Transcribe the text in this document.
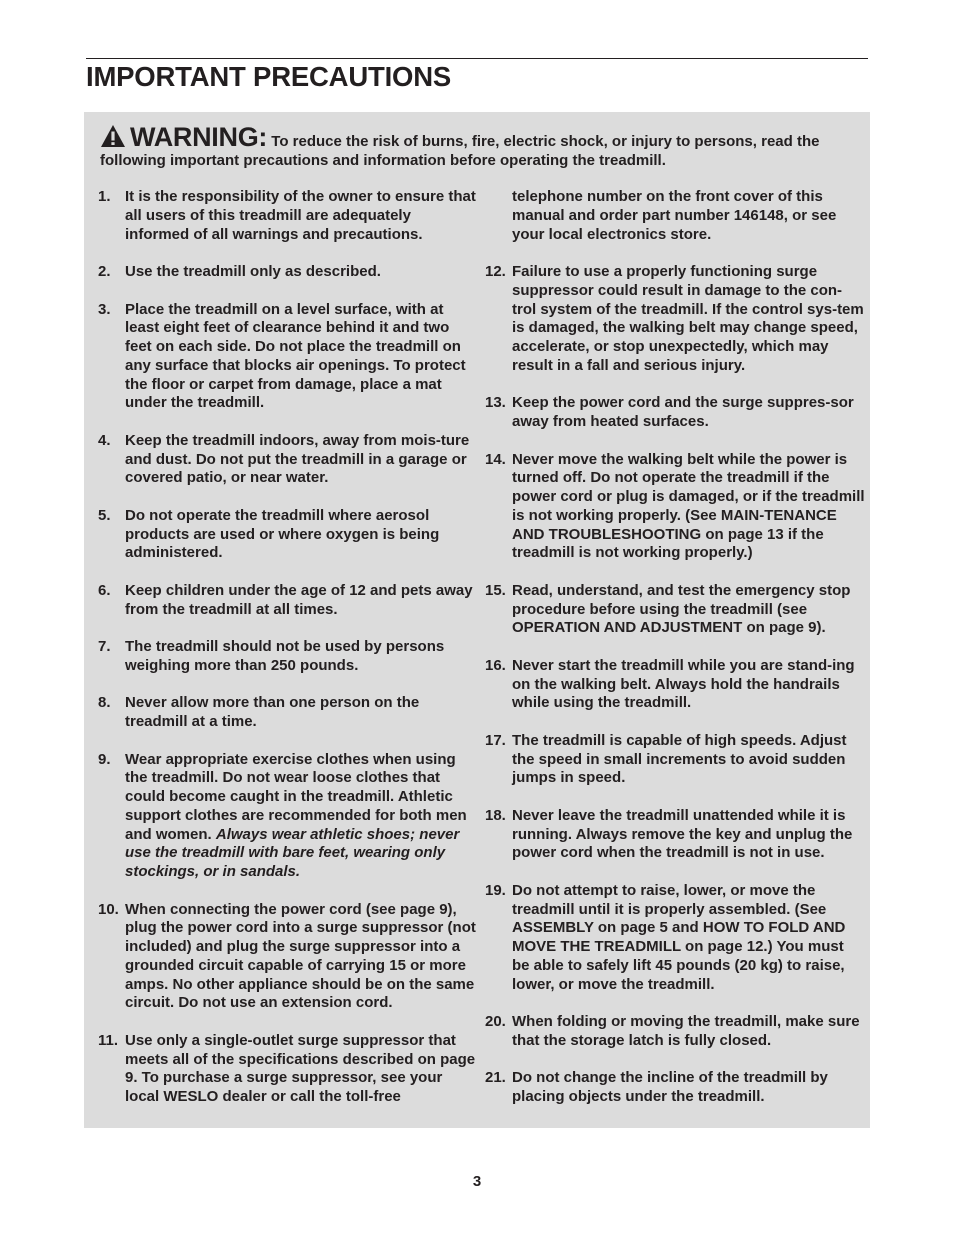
IMPORTANT PRECAUTIONS
WARNING: To reduce the risk of burns, fire, electric shock, or injury to persons, read the
following important precautions and information before operating the treadmill.
1. It is the responsibility of the owner to ensure that all users of this treadmill are adequately informed of all warnings and precautions.
2. Use the treadmill only as described.
3. Place the treadmill on a level surface, with at least eight feet of clearance behind it and two feet on each side. Do not place the treadmill on any surface that blocks air openings. To protect the floor or carpet from damage, place a mat under the treadmill.
4. Keep the treadmill indoors, away from mois-ture and dust. Do not put the treadmill in a garage or covered patio, or near water.
5. Do not operate the treadmill where aerosol products are used or where oxygen is being administered.
6. Keep children under the age of 12 and pets away from the treadmill at all times.
7. The treadmill should not be used by persons weighing more than 250 pounds.
8. Never allow more than one person on the treadmill at a time.
9. Wear appropriate exercise clothes when using the treadmill. Do not wear loose clothes that could become caught in the treadmill. Athletic support clothes are recommended for both men and women. Always wear athletic shoes; never use the treadmill with bare feet, wearing only stockings, or in sandals.
10. When connecting the power cord (see page 9), plug the power cord into a surge suppressor (not included) and plug the surge suppressor into a grounded circuit capable of carrying 15 or more amps. No other appliance should be on the same circuit. Do not use an extension cord.
11. Use only a single-outlet surge suppressor that meets all of the specifications described on page 9. To purchase a surge suppressor, see your local WESLO dealer or call the toll-free
telephone number on the front cover of this manual and order part number 146148, or see your local electronics store.
12. Failure to use a properly functioning surge suppressor could result in damage to the con-trol system of the treadmill. If the control sys-tem is damaged, the walking belt may change speed, accelerate, or stop unexpectedly, which may result in a fall and serious injury.
13. Keep the power cord and the surge suppres-sor away from heated surfaces.
14. Never move the walking belt while the power is turned off. Do not operate the treadmill if the power cord or plug is damaged, or if the treadmill is not working properly. (See MAIN-TENANCE AND TROUBLESHOOTING on page 13 if the treadmill is not working properly.)
15. Read, understand, and test the emergency stop procedure before using the treadmill (see OPERATION AND ADJUSTMENT on page 9).
16. Never start the treadmill while you are stand-ing on the walking belt. Always hold the handrails while using the treadmill.
17. The treadmill is capable of high speeds. Adjust the speed in small increments to avoid sudden jumps in speed.
18. Never leave the treadmill unattended while it is running. Always remove the key and unplug the power cord when the treadmill is not in use.
19. Do not attempt to raise, lower, or move the treadmill until it is properly assembled. (See ASSEMBLY on page 5 and HOW TO FOLD AND MOVE THE TREADMILL on page 12.) You must be able to safely lift 45 pounds (20 kg) to raise, lower, or move the treadmill.
20. When folding or moving the treadmill, make sure that the storage latch is fully closed.
21. Do not change the incline of the treadmill by placing objects under the treadmill.
3
